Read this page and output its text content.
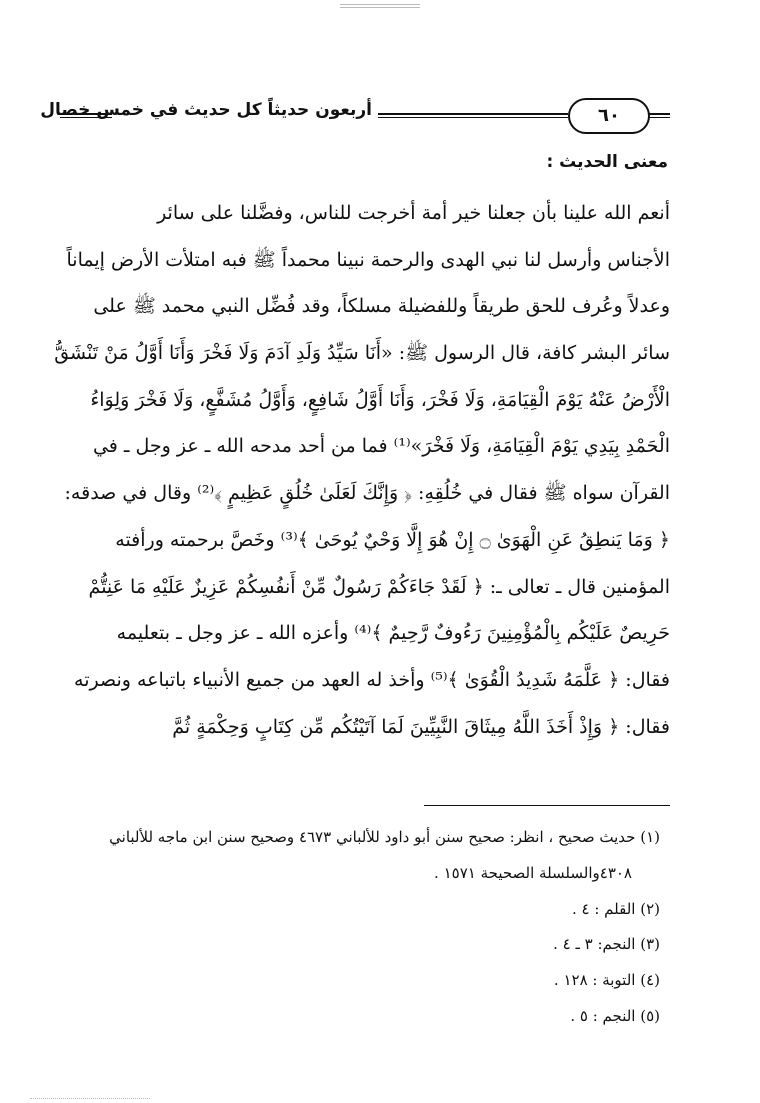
أربعون حديثاً كل حديث في خمس خصال	٦٠
معنى الحديث :
أنعم الله علينا بأن جعلنا خير أمة أخرجت للناس، وفضَّلنا على سائر
الأجناس وأرسل لنا نبي الهدى والرحمة نبينا محمداً ﷺ فبه امتلأت الأرض إيماناً
وعدلاً وعُرف للحق طريقاً وللفضيلة مسلكاً، وقد فُضِّل النبي محمد ﷺ على
سائر البشر كافة، قال الرسول ﷺ: «أَنَا سَيِّدُ وَلَدِ آدَمَ وَلَا فَخْرَ وَأَنَا أَوَّلُ مَنْ تَنْشَقُّ
الْأَرْضُ عَنْهُ يَوْمَ الْقِيَامَةِ، وَلَا فَخْرَ، وَأَنَا أَوَّلُ شَافِعٍ، وَأَوَّلُ مُشَفَّعٍ، وَلَا فَخْرَ وَلِوَاءُ
الْحَمْدِ بِيَدِي يَوْمَ الْقِيَامَةِ، وَلَا فَخْرَ»⁽¹⁾ فما من أحد مدحه الله ـ عز وجل ـ في
القرآن سواه ﷺ فقال في خُلُقِهِ: ﴿ وَإِنَّكَ لَعَلَىٰ خُلُقٍ عَظِيمٍ ﴾⁽²⁾ وقال في صدقه:
﴿ وَمَا يَنطِقُ عَنِ الْهَوَىٰ ۝ إِنْ هُوَ إِلَّا وَحْيٌ يُوحَىٰ ﴾⁽³⁾ وخَصَّ برحمته ورأفته
المؤمنين قال ـ تعالى ـ: ﴿ لَقَدْ جَاءَكُمْ رَسُولٌ مِّنْ أَنفُسِكُمْ عَزِيزٌ عَلَيْهِ مَا عَنِتُّمْ
حَرِيصٌ عَلَيْكُم بِالْمُؤْمِنِينَ رَءُوفٌ رَّحِيمٌ ﴾⁽⁴⁾ وأعزه الله ـ عز وجل ـ بتعليمه
فقال: ﴿ عَلَّمَهُ شَدِيدُ الْقُوَىٰ ﴾⁽⁵⁾ وأخذ له العهد من جميع الأنبياء باتباعه ونصرته
فقال: ﴿ وَإِذْ أَخَذَ اللَّهُ مِيثَاقَ النَّبِيِّينَ لَمَا آتَيْتُكُم مِّن كِتَابٍ وَحِكْمَةٍ ثُمَّ
(١) حديث صحيح ، انظر: صحيح سنن أبو داود للألباني ٤٦٧٣ وصحيح سنن ابن ماجه للألباني
٤٣٠٨والسلسلة الصحيحة ١٥٧١ .
(٢) القلم : ٤ .
(٣) النجم: ٣ ـ ٤ .
(٤) التوبة : ١٢٨ .
(٥) النجم : ٥ .
